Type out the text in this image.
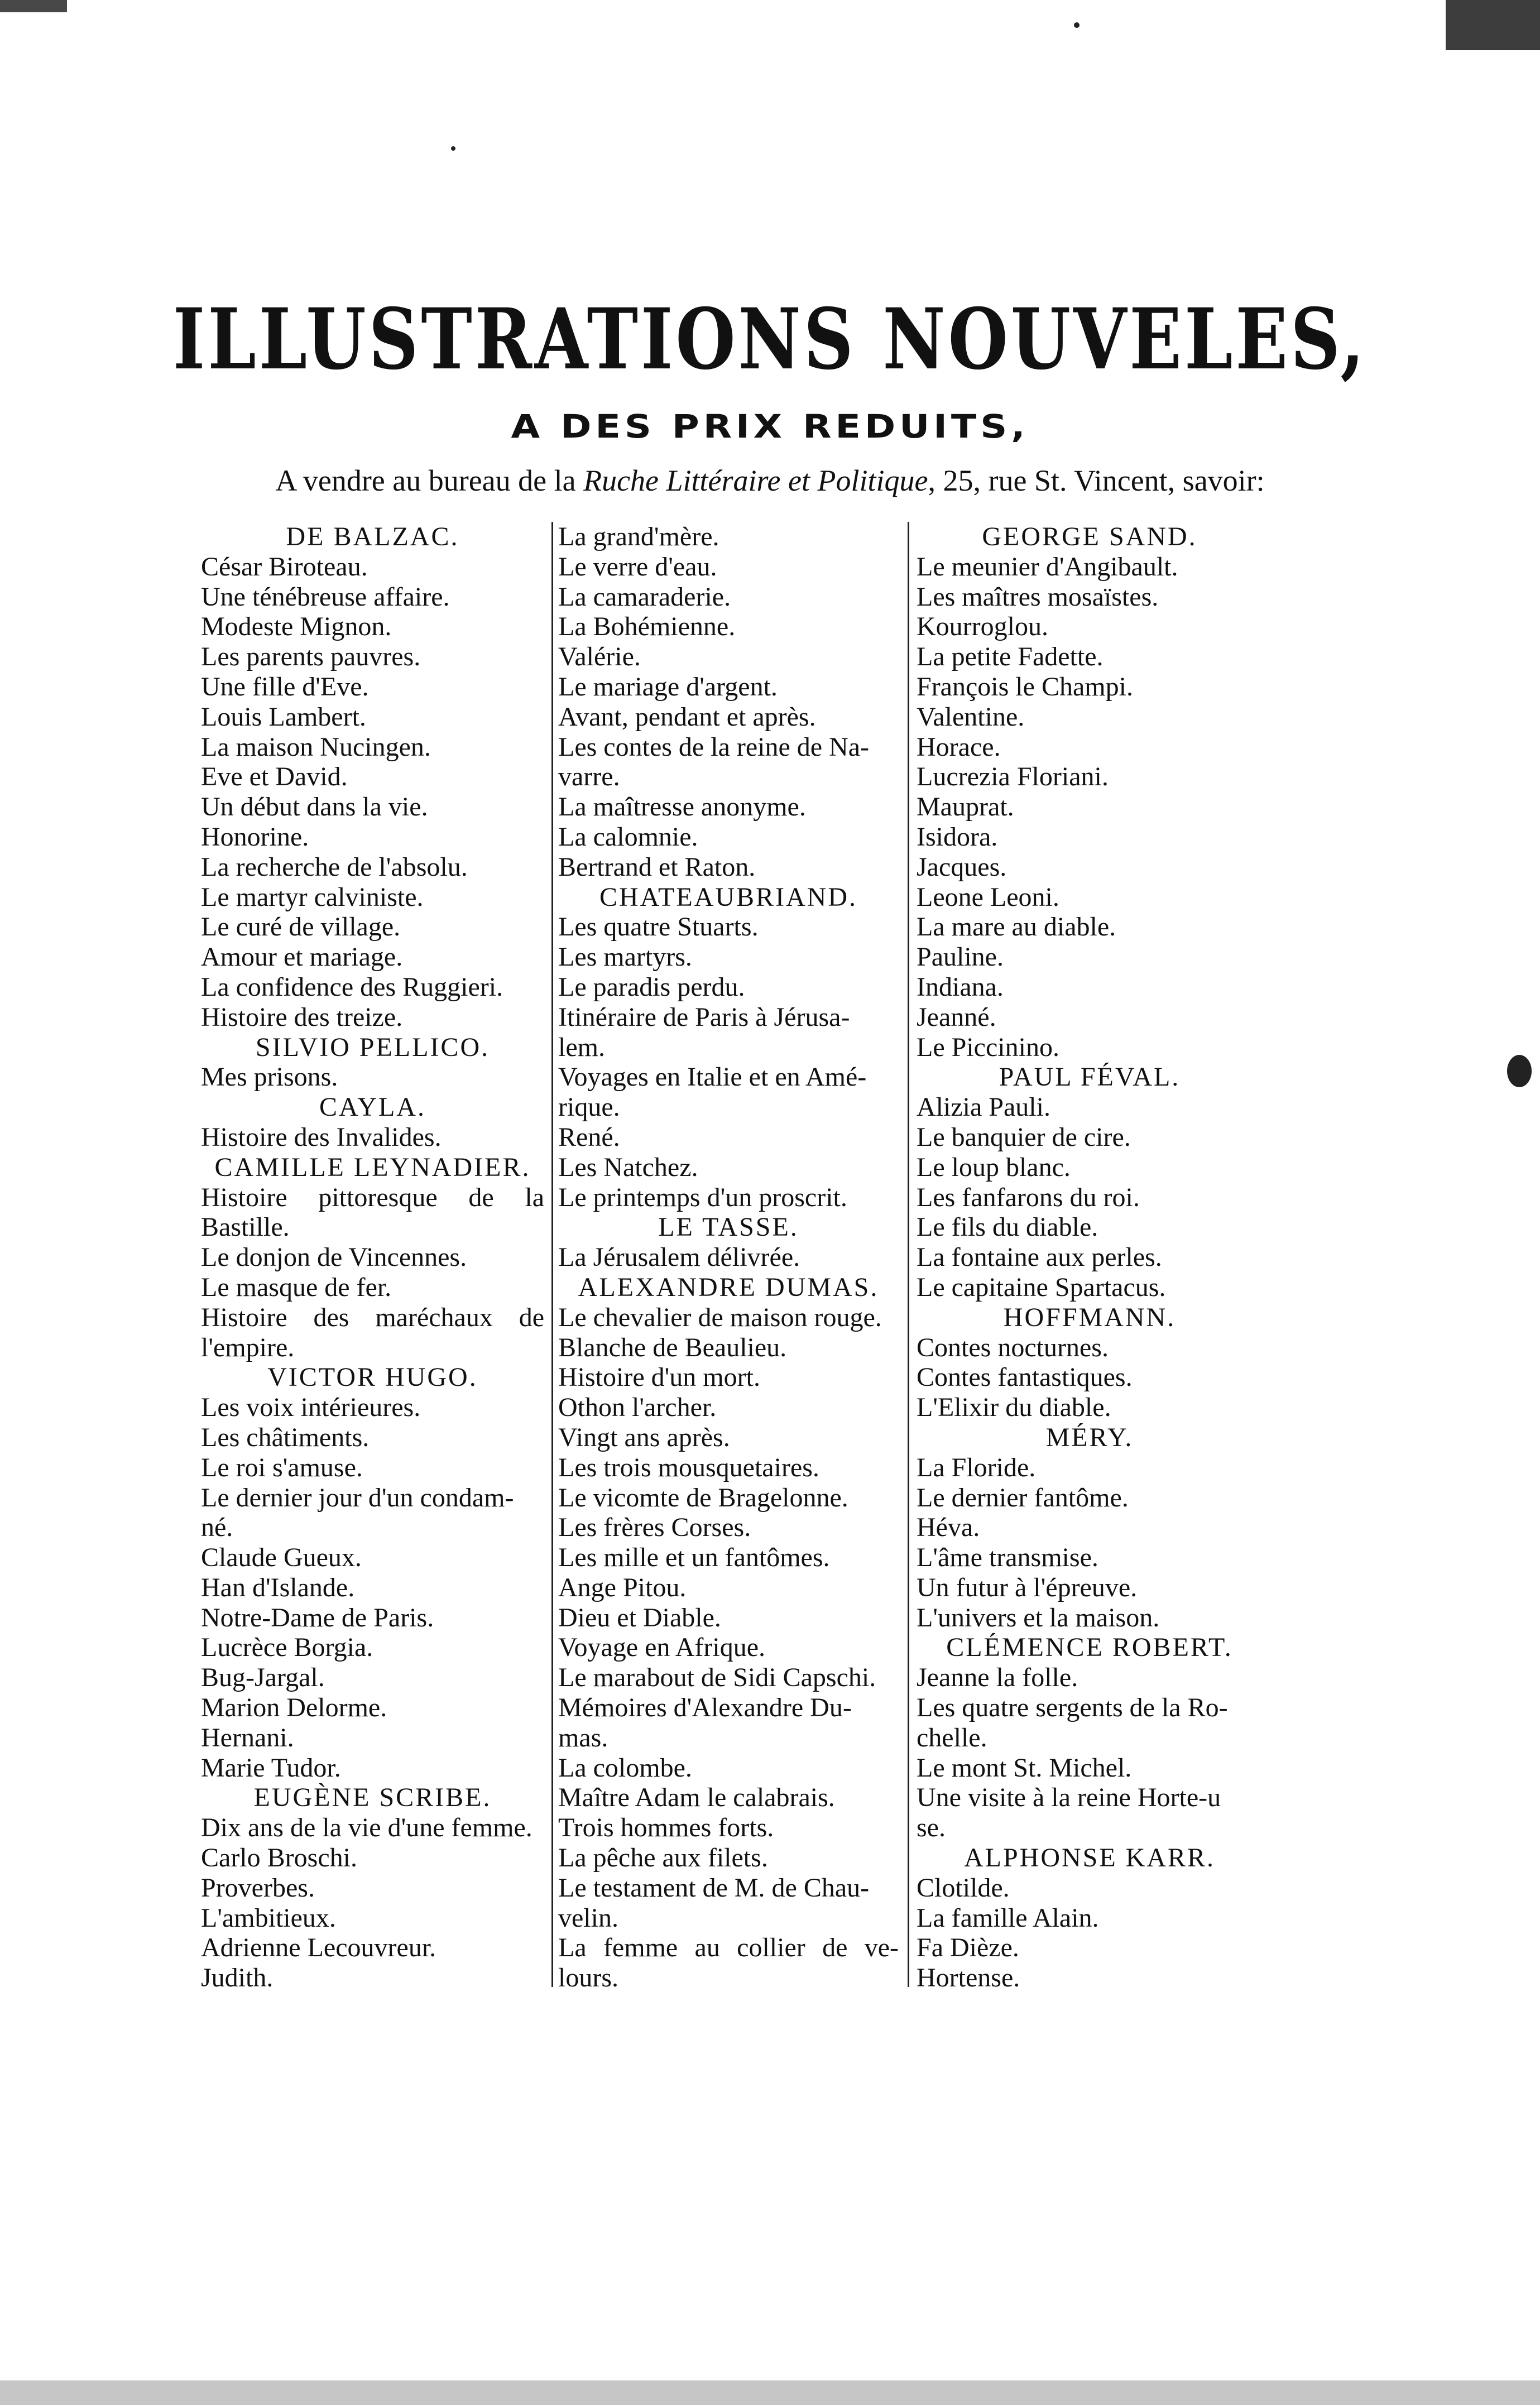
ILLUSTRATIONS NOUVELES,
A DES PRIX REDUITS,
A vendre au bureau de la Ruche Littéraire et Politique, 25, rue St. Vincent, savoir:
DE BALZAC.
César Biroteau.
Une ténébreuse affaire.
Modeste Mignon.
Les parents pauvres.
Une fille d'Eve.
Louis Lambert.
La maison Nucingen.
Eve et David.
Un début dans la vie.
Honorine.
La recherche de l'absolu.
Le martyr calviniste.
Le curé de village.
Amour et mariage.
La confidence des Ruggieri.
Histoire des treize.
SILVIO PELLICO.
Mes prisons.
CAYLA.
Histoire des Invalides.
CAMILLE LEYNADIER.
Histoire pittoresque de la
Bastille.
Le donjon de Vincennes.
Le masque de fer.
Histoire des maréchaux de
l'empire.
VICTOR HUGO.
Les voix intérieures.
Les châtiments.
Le roi s'amuse.
Le dernier jour d'un condam-
né.
Claude Gueux.
Han d'Islande.
Notre-Dame de Paris.
Lucrèce Borgia.
Bug-Jargal.
Marion Delorme.
Hernani.
Marie Tudor.
EUGÈNE SCRIBE.
Dix ans de la vie d'une femme.
Carlo Broschi.
Proverbes.
L'ambitieux.
Adrienne Lecouvreur.
Judith.
La grand'mère.
Le verre d'eau.
La camaraderie.
La Bohémienne.
Valérie.
Le mariage d'argent.
Avant, pendant et après.
Les contes de la reine de Na-
varre.
La maîtresse anonyme.
La calomnie.
Bertrand et Raton.
CHATEAUBRIAND.
Les quatre Stuarts.
Les martyrs.
Le paradis perdu.
Itinéraire de Paris à Jérusa-
lem.
Voyages en Italie et en Amé-
rique.
René.
Les Natchez.
Le printemps d'un proscrit.
LE TASSE.
La Jérusalem délivrée.
ALEXANDRE DUMAS.
Le chevalier de maison rouge.
Blanche de Beaulieu.
Histoire d'un mort.
Othon l'archer.
Vingt ans après.
Les trois mousquetaires.
Le vicomte de Bragelonne.
Les frères Corses.
Les mille et un fantômes.
Ange Pitou.
Dieu et Diable.
Voyage en Afrique.
Le marabout de Sidi Capschi.
Mémoires d'Alexandre Du-
mas.
La colombe.
Maître Adam le calabrais.
Trois hommes forts.
La pêche aux filets.
Le testament de M. de Chau-
velin.
La femme au collier de ve-
lours.
GEORGE SAND.
Le meunier d'Angibault.
Les maîtres mosaïstes.
Kourroglou.
La petite Fadette.
François le Champi.
Valentine.
Horace.
Lucrezia Floriani.
Mauprat.
Isidora.
Jacques.
Leone Leoni.
La mare au diable.
Pauline.
Indiana.
Jeanné.
Le Piccinino.
PAUL FÉVAL.
Alizia Pauli.
Le banquier de cire.
Le loup blanc.
Les fanfarons du roi.
Le fils du diable.
La fontaine aux perles.
Le capitaine Spartacus.
HOFFMANN.
Contes nocturnes.
Contes fantastiques.
L'Elixir du diable.
MÉRY.
La Floride.
Le dernier fantôme.
Héva.
L'âme transmise.
Un futur à l'épreuve.
L'univers et la maison.
CLÉMENCE ROBERT.
Jeanne la folle.
Les quatre sergents de la Ro-
chelle.
Le mont St. Michel.
Une visite à la reine Horte-u
se.
ALPHONSE KARR.
Clotilde.
La famille Alain.
Fa Dièze.
Hortense.
